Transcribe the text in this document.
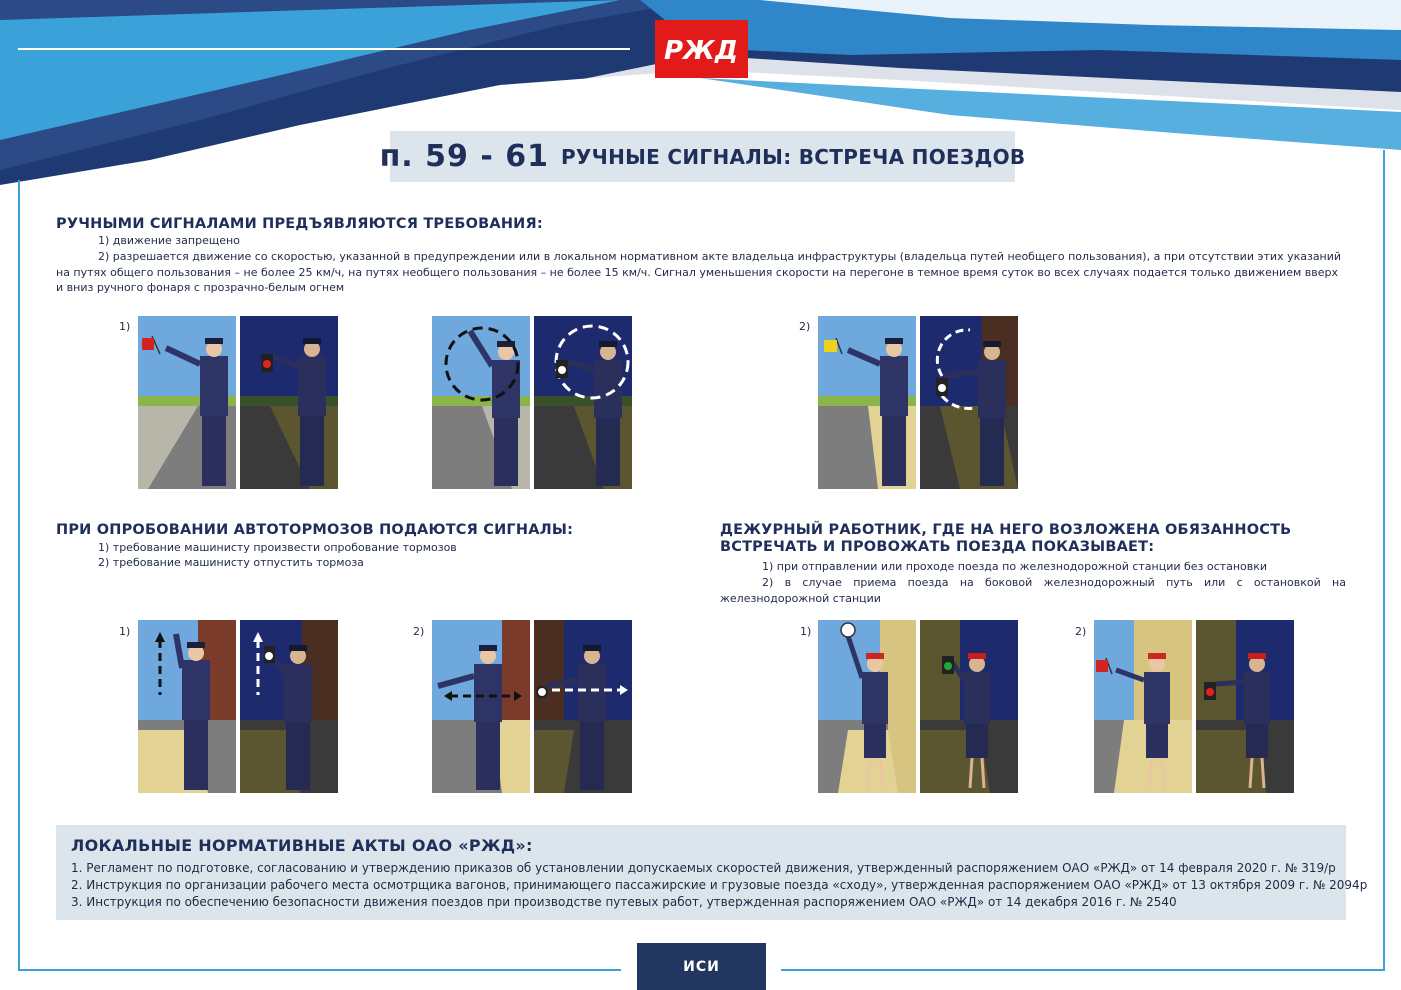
РЖД
п. 59 - 61 РУЧНЫЕ СИГНАЛЫ: ВСТРЕЧА ПОЕЗДОВ
РУЧНЫМИ СИГНАЛАМИ ПРЕДЪЯВЛЯЮТСЯ ТРЕБОВАНИЯ:
1) движение запрещено
2) разрешается движение со скоростью, указанной в предупреждении или в локальном нормативном акте владельца инфраструктуры (владельца путей необщего пользования), а при отсутствии этих указаний на путях общего пользования – не более 25 км/ч, на путях необщего пользования – не более 15 км/ч. Сигнал уменьшения скорости на перегоне в темное время суток во всех случаях подается только движением вверх и вниз ручного фонаря с прозрачно-белым огнем
1)	2)
ПРИ ОПРОБОВАНИИ АВТОТОРМОЗОВ ПОДАЮТСЯ СИГНАЛЫ:
1) требование машинисту произвести опробование тормозов
2) требование машинисту отпустить тормоза
1)	2)
ДЕЖУРНЫЙ РАБОТНИК, ГДЕ НА НЕГО ВОЗЛОЖЕНА ОБЯЗАННОСТЬ ВСТРЕЧАТЬ И ПРОВОЖАТЬ ПОЕЗДА ПОКАЗЫВАЕТ:
1) при отправлении или проходе поезда по железнодорожной станции без остановки
2) в случае приема поезда на боковой железнодорожный путь или с остановкой на железнодорожной станции
1)	2)
ЛОКАЛЬНЫЕ НОРМАТИВНЫЕ АКТЫ ОАО «РЖД»:
1. Регламент по подготовке, согласованию и утверждению приказов об установлении допускаемых скоростей движения, утвержденный распоряжением ОАО «РЖД» от 14 февраля 2020 г. № 319/р
2. Инструкция по организации рабочего места осмотрщика вагонов, принимающего пассажирские и грузовые поезда «сходу», утвержденная распоряжением ОАО «РЖД» от 13 октября 2009 г. № 2094р
3. Инструкция по обеспечению безопасности движения поездов при производстве путевых работ, утвержденная распоряжением ОАО «РЖД» от 14 декабря 2016 г. № 2540
ИСИ
